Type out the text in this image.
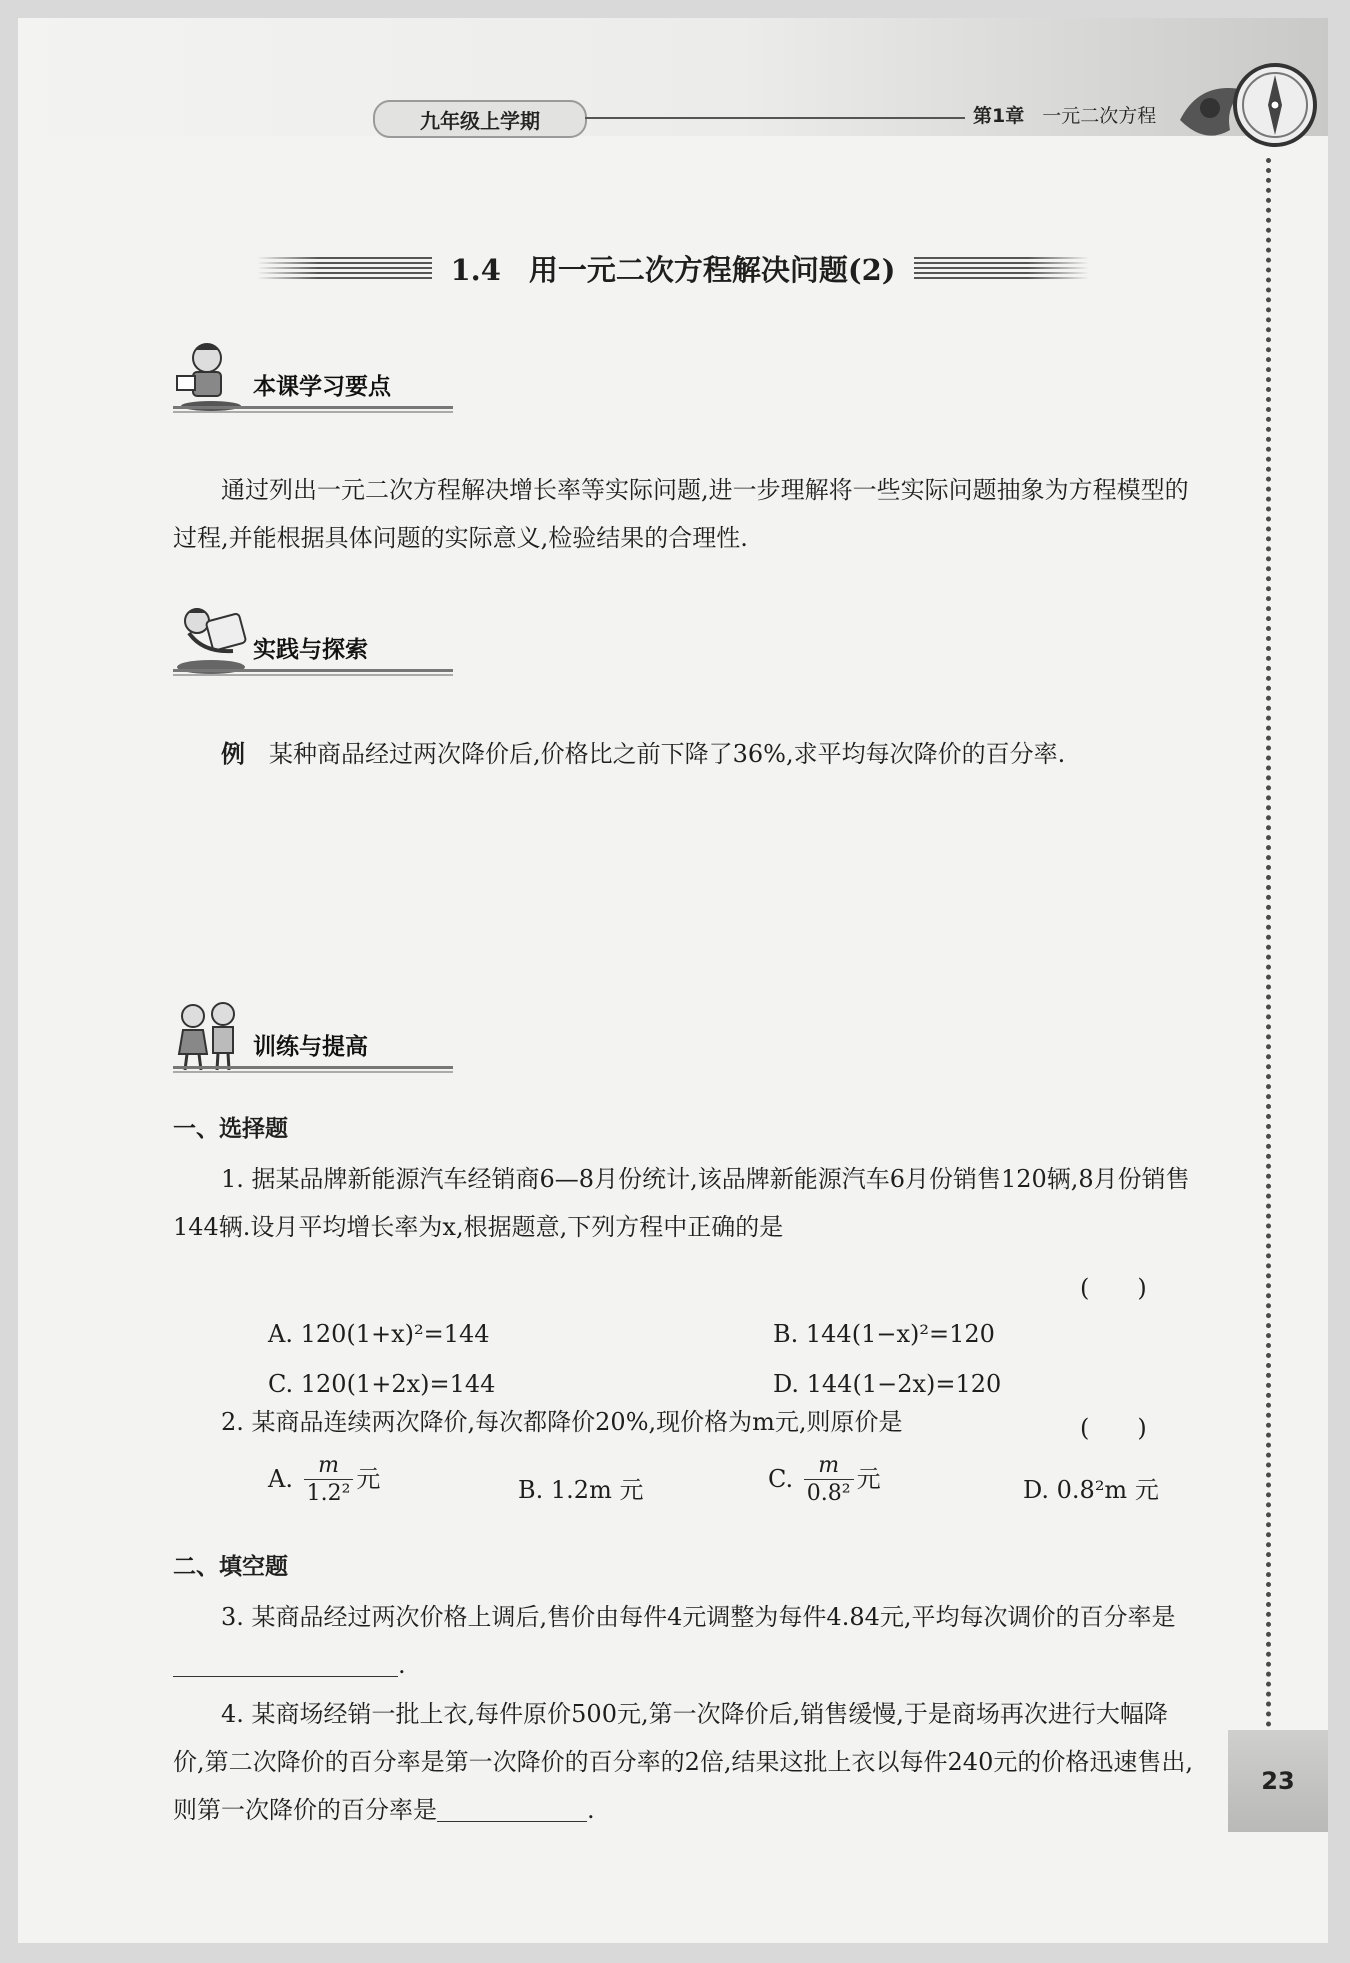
九年级上学期	第1章 一元二次方程
23
1.4 用一元二次方程解决问题(2)
本课学习要点
通过列出一元二次方程解决增长率等实际问题,进一步理解将一些实际问题抽象为方程模型的过程,并能根据具体问题的实际意义,检验结果的合理性.
实践与探索
例　 某种商品经过两次降价后,价格比之前下降了36%,求平均每次降价的百分率.
训练与提高
一、选择题
1. 据某品牌新能源汽车经销商6—8月份统计,该品牌新能源汽车6月份销售120辆,8月份销售144辆.设月平均增长率为x,根据题意,下列方程中正确的是
(　　)
A. 120(1+x)²=144	B. 144(1−x)²=120
C. 120(1+2x)=144	D. 144(1−2x)=120
2. 某商品连续两次降价,每次都降价20%,现价格为m元,则原价是	(　　)
A. $\frac{m}{\text{1.2²}}$ 元	B. 1.2m 元	C. $\frac{m}{\text{0.8²}}$ 元	D. 0.8²m 元
二、填空题
3. 某商品经过两次价格上调后,售价由每件4元调整为每件4.84元,平均每次调价的百分率是.
4. 某商场经销一批上衣,每件原价500元,第一次降价后,销售缓慢,于是商场再次进行大幅降价,第二次降价的百分率是第一次降价的百分率的2倍,结果这批上衣以每件240元的价格迅速售出,则第一次降价的百分率是	.
